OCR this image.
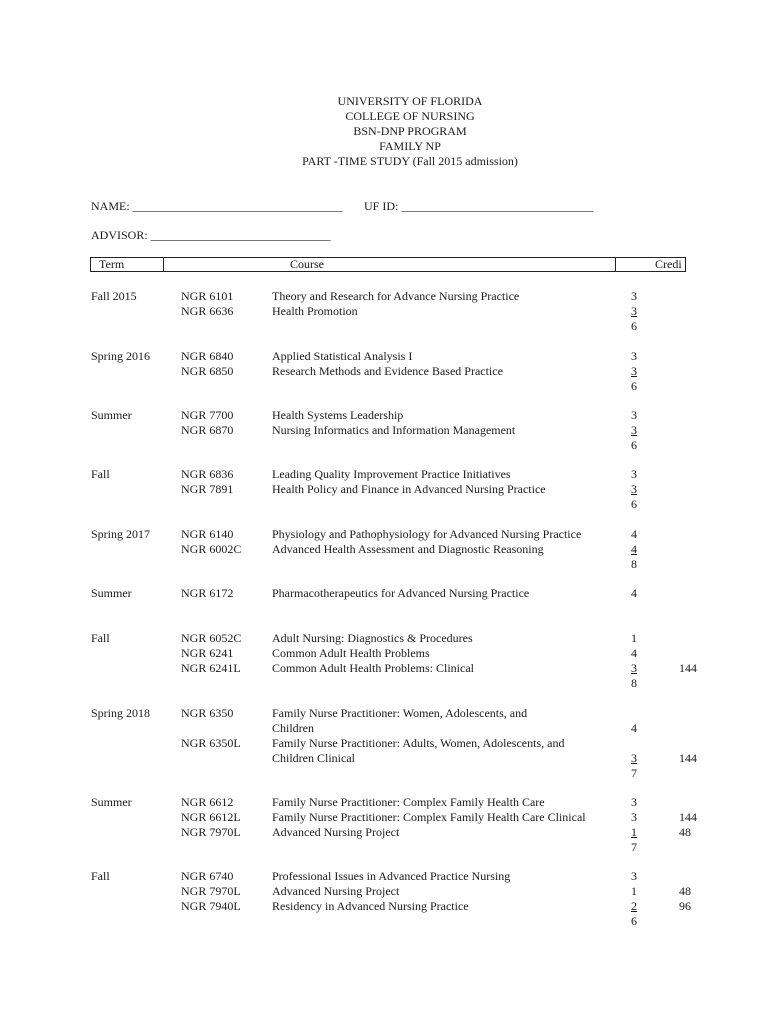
UNIVERSITY OF FLORIDA
COLLEGE OF NURSING
BSN-DNP PROGRAM
FAMILY NP
PART -TIME STUDY (Fall 2015 admission)
NAME: ___________________________________ UF ID: ________________________________
ADVISOR: ______________________________
Term	Course	Credi
Fall 2015	NGR 6101	Theory and Research for Advance Nursing Practice	3
NGR 6636	Health Promotion	3
6
Spring 2016	NGR 6840	Applied Statistical Analysis I	3
NGR 6850	Research Methods and Evidence Based Practice	3
6
Summer	NGR 7700	Health Systems Leadership	3
NGR 6870	Nursing Informatics and Information Management	3
6
Fall	NGR 6836	Leading Quality Improvement Practice Initiatives	3
NGR 7891	Health Policy and Finance in Advanced Nursing Practice	3
6
Spring 2017	NGR 6140	Physiology and Pathophysiology for Advanced Nursing Practice	4
NGR 6002C	Advanced Health Assessment and Diagnostic Reasoning	4
8
Summer	NGR 6172	Pharmacotherapeutics for Advanced Nursing Practice	4
Fall	NGR 6052C	Adult Nursing: Diagnostics & Procedures	1
NGR 6241	Common Adult Health Problems	4
NGR 6241L	Common Adult Health Problems: Clinical	3	144
8
Spring 2018	NGR 6350	Family Nurse Practitioner: Women, Adolescents, and
Children	4
NGR 6350L	Family Nurse Practitioner: Adults, Women, Adolescents, and
Children Clinical	3	144
7
Summer	NGR 6612	Family Nurse Practitioner: Complex Family Health Care	3
NGR 6612L	Family Nurse Practitioner: Complex Family Health Care Clinical	3	144
NGR 7970L	Advanced Nursing Project	1	48
7
Fall	NGR 6740	Professional Issues in Advanced Practice Nursing	3
NGR 7970L	Advanced Nursing Project	1	48
NGR 7940L	Residency in Advanced Nursing Practice	2	96
6
